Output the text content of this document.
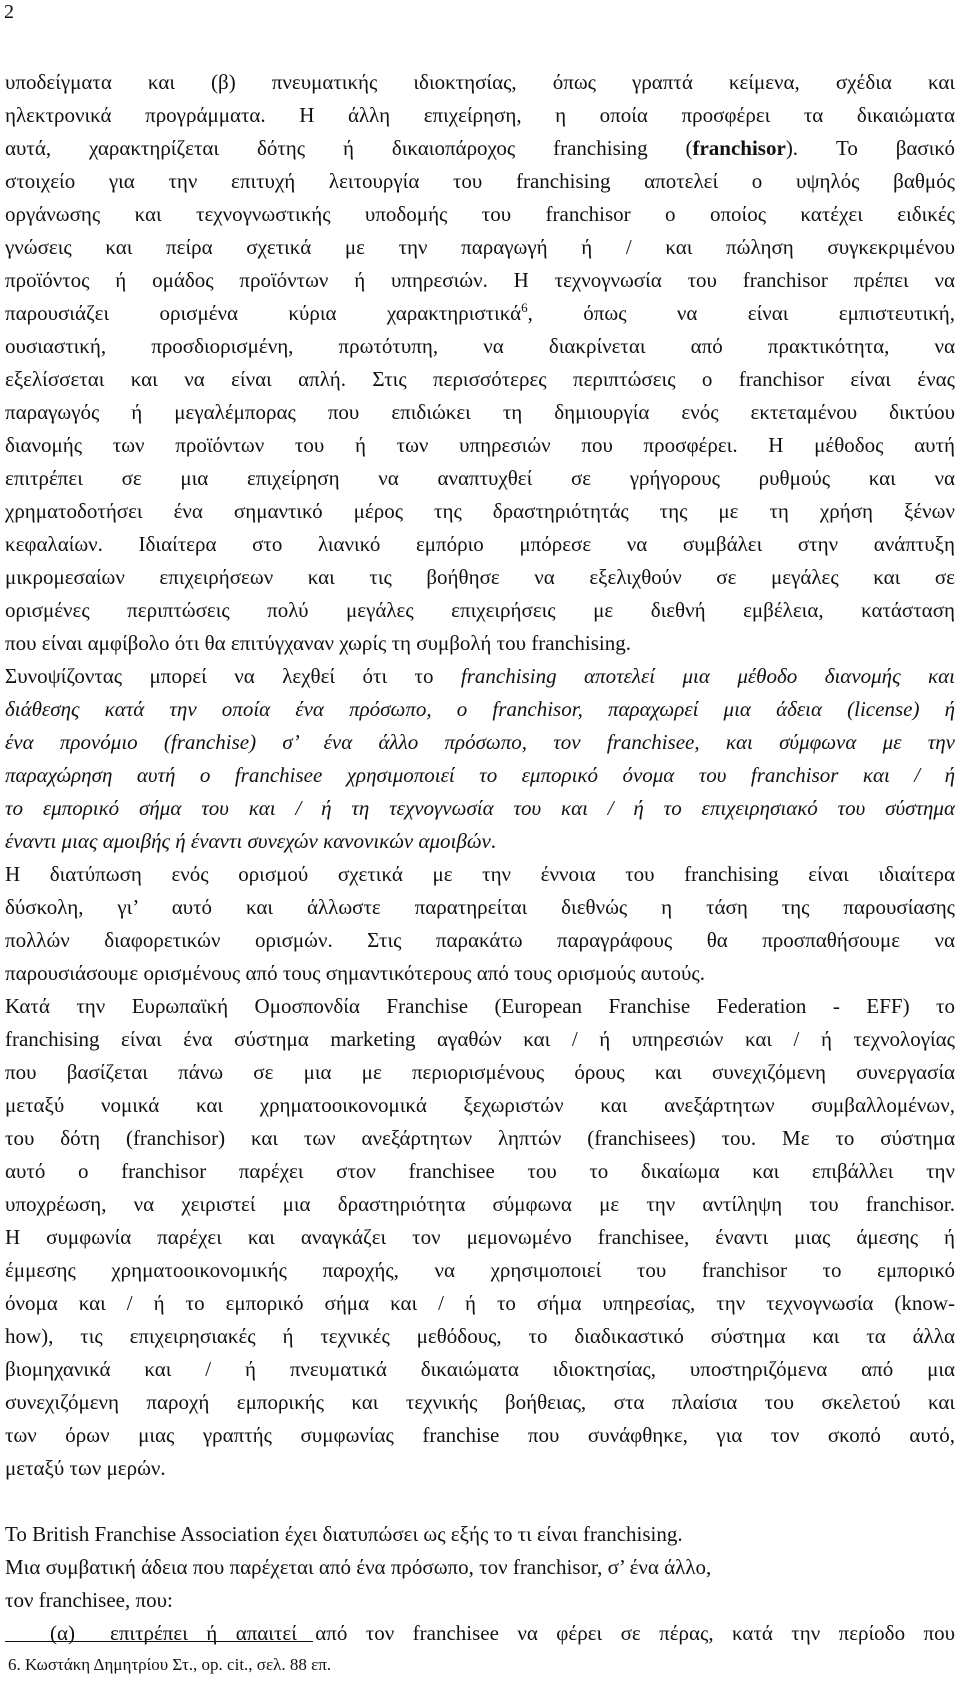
2
υποδείγματα και (β) πνευματικής ιδιοκτησίας, όπως γραπτά κείμενα, σχέδια και
ηλεκτρονικά προγράμματα. Η άλλη επιχείρηση, η οποία προσφέρει τα δικαιώματα
αυτά, χαρακτηρίζεται δότης ή δικαιοπάροχος franchising (franchisor). Το βασικό
στοιχείο για την επιτυχή λειτουργία του franchising αποτελεί ο υψηλός βαθμός
οργάνωσης και τεχνογνωστικής υποδομής του franchisor ο οποίος κατέχει ειδικές
γνώσεις και πείρα σχετικά με την παραγωγή ή / και πώληση συγκεκριμένου
προϊόντος ή ομάδος προϊόντων ή υπηρεσιών. Η τεχνογνωσία του franchisor πρέπει να
παρουσιάζει ορισμένα κύρια χαρακτηριστικά$^6$, όπως να είναι εμπιστευτική,
ουσιαστική, προσδιορισμένη, πρωτότυπη, να διακρίνεται από πρακτικότητα, να
εξελίσσεται και να είναι απλή. Στις περισσότερες περιπτώσεις ο franchisor είναι ένας
παραγωγός ή μεγαλέμπορας που επιδιώκει τη δημιουργία ενός εκτεταμένου δικτύου
διανομής των προϊόντων του ή των υπηρεσιών που προσφέρει. Η μέθοδος αυτή
επιτρέπει σε μια επιχείρηση να αναπτυχθεί σε γρήγορους ρυθμούς και να
χρηματοδοτήσει ένα σημαντικό μέρος της δραστηριότητάς της με τη χρήση ξένων
κεφαλαίων. Ιδιαίτερα στο λιανικό εμπόριο μπόρεσε να συμβάλει στην ανάπτυξη
μικρομεσαίων επιχειρήσεων και τις βοήθησε να εξελιχθούν σε μεγάλες και σε
ορισμένες περιπτώσεις πολύ μεγάλες επιχειρήσεις με διεθνή εμβέλεια, κατάσταση
που είναι αμφίβολο ότι θα επιτύγχαναν χωρίς τη συμβολή του franchising.
Συνοψίζοντας μπορεί να λεχθεί ότι το franchising αποτελεί μια μέθοδο διανομής και
διάθεσης κατά την οποία ένα πρόσωπο, ο franchisor, παραχωρεί μια άδεια (license) ή
ένα προνόμιο (franchise) σ’ ένα άλλο πρόσωπο, τον franchisee, και σύμφωνα με την
παραχώρηση αυτή ο franchisee χρησιμοποιεί το εμπορικό όνομα του franchisor και / ή
το εμπορικό σήμα του και / ή τη τεχνογνωσία του και / ή το επιχειρησιακό του σύστημα
έναντι μιας αμοιβής ή έναντι συνεχών κανονικών αμοιβών.
Η διατύπωση ενός ορισμού σχετικά με την έννοια του franchising είναι ιδιαίτερα
δύσκολη, γι’ αυτό και άλλωστε παρατηρείται διεθνώς η τάση της παρουσίασης
πολλών διαφορετικών ορισμών. Στις παρακάτω παραγράφους θα προσπαθήσουμε να
παρουσιάσουμε ορισμένους από τους σημαντικότερους από τους ορισμούς αυτούς.
Κατά την Ευρωπαϊκή Ομοσπονδία Franchise (European Franchise Federation - EFF) το
franchising είναι ένα σύστημα marketing αγαθών και / ή υπηρεσιών και / ή τεχνολογίας
που βασίζεται πάνω σε μια με περιορισμένους όρους και συνεχιζόμενη συνεργασία
μεταξύ νομικά και χρηματοοικονομικά ξεχωριστών και ανεξάρτητων συμβαλλομένων,
του δότη (franchisor) και των ανεξάρτητων ληπτών (franchisees) του. Με το σύστημα
αυτό ο franchisor παρέχει στον franchisee του το δικαίωμα και επιβάλλει την
υποχρέωση, να χειριστεί μια δραστηριότητα σύμφωνα με την αντίληψη του franchisor.
Η συμφωνία παρέχει και αναγκάζει τον μεμονωμένο franchisee, έναντι μιας άμεσης ή
έμμεσης χρηματοοικονομικής παροχής, να χρησιμοποιεί του franchisor το εμπορικό
όνομα και / ή το εμπορικό σήμα και / ή το σήμα υπηρεσίας, την τεχνογνωσία (know-
how), τις επιχειρησιακές ή τεχνικές μεθόδους, το διαδικαστικό σύστημα και τα άλλα
βιομηχανικά και / ή πνευματικά δικαιώματα ιδιοκτησίας, υποστηριζόμενα από μια
συνεχιζόμενη παροχή εμπορικής και τεχνικής βοήθειας, στα πλαίσια του σκελετού και
των όρων μιας γραπτής συμφωνίας franchise που συνάφθηκε, για τον σκοπό αυτό,
μεταξύ των μερών.
Το British Franchise Association έχει διατυπώσει ως εξής το τι είναι franchising.
Μια συμβατική άδεια που παρέχεται από ένα πρόσωπο, τον franchisor, σ’ ένα άλλο,
τον franchisee, που:
(α) επιτρέπει ή απαιτεί από τον franchisee να φέρει σε πέρας, κατά την περίοδο που
6. Κωστάκη Δημητρίου Στ., op. cit., σελ. 88 επ.
